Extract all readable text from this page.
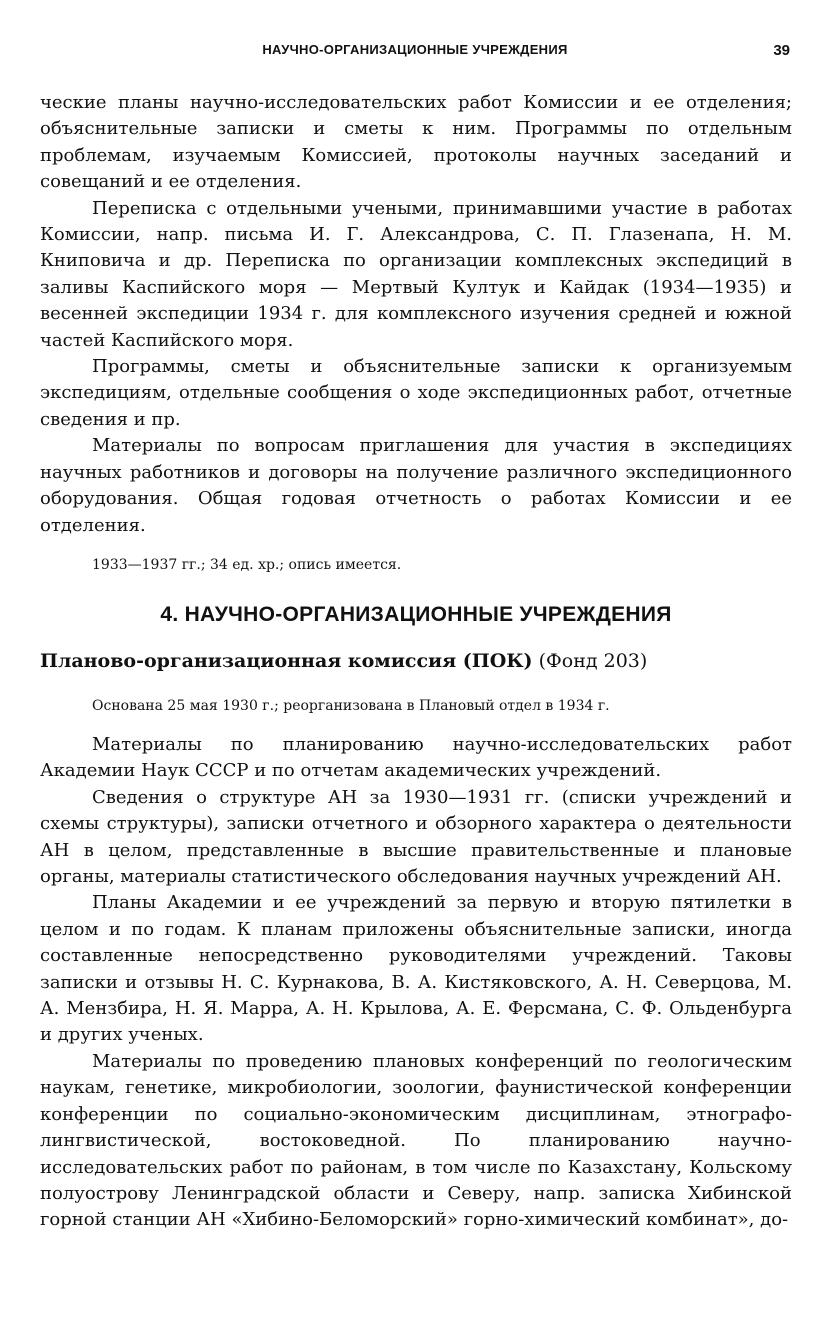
НАУЧНО-ОРГАНИЗАЦИОННЫЕ УЧРЕЖДЕНИЯ	39

ческие планы научно-исследовательских работ Комиссии и ее отделения; объяснительные записки и сметы к ним. Программы по отдельным проблемам, изучаемым Комиссией, протоколы научных заседаний и совещаний и ее отделения.

Переписка с отдельными учеными, принимавшими участие в работах Комиссии, напр. письма И. Г. Александрова, С. П. Глазенапа, Н. М. Книповича и др. Переписка по организации комплексных экспедиций в заливы Каспийского моря — Мертвый Култук и Кайдак (1934—1935) и весенней экспедиции 1934 г. для комплексного изучения средней и южной частей Каспийского моря.

Программы, сметы и объяснительные записки к организуемым экспедициям, отдельные сообщения о ходе экспедиционных работ, отчетные сведения и пр.

Материалы по вопросам приглашения для участия в экспедициях научных работников и договоры на получение различного экспедиционного оборудования. Общая годовая отчетность о работах Комиссии и ее отделения.

1933—1937 гг.; 34 ед. хр.; опись имеется.

4. НАУЧНО-ОРГАНИЗАЦИОННЫЕ УЧРЕЖДЕНИЯ

Планово-организационная комиссия (ПОК) (Фонд 203)

Основана 25 мая 1930 г.; реорганизована в Плановый отдел в 1934 г.

Материалы по планированию научно-исследовательских работ Академии Наук СССР и по отчетам академических учреждений.

Сведения о структуре АН за 1930—1931 гг. (списки учреждений и схемы структуры), записки отчетного и обзорного характера о деятельности АН в целом, представленные в высшие правительственные и плановые органы, материалы статистического обследования научных учреждений АН.

Планы Академии и ее учреждений за первую и вторую пятилетки в целом и по годам. К планам приложены объяснительные записки, иногда составленные непосредственно руководителями учреждений. Таковы записки и отзывы Н. С. Курнакова, В. А. Кистяковского, А. Н. Северцова, М. А. Мензбира, Н. Я. Марра, А. Н. Крылова, А. Е. Ферсмана, С. Ф. Ольденбурга и других ученых.

Материалы по проведению плановых конференций по геологическим наукам, генетике, микробиологии, зоологии, фаунистической конференции конференции по социально-экономическим дисциплинам, этнографо-лингвистической, востоковедной. По планированию научно-исследовательских работ по районам, в том числе по Казахстану, Кольскому полуострову Ленинградской области и Северу, напр. записка Хибинской горной станции АН «Хибино-Беломорский» горно-химический комбинат», до-
